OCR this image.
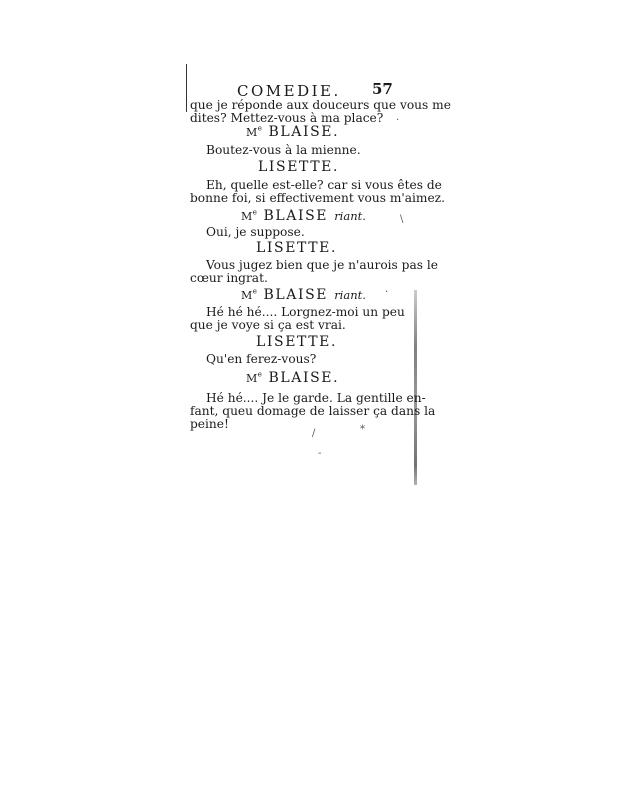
COMEDIE. 57
que je réponde aux douceurs que vous me
dites? Mettez-vous à ma place?
Me BLAISE.
Boutez-vous à la mienne.
LISETTE.
Eh, quelle est-elle? car si vous êtes de
bonne foi, si effectivement vous m'aimez.
Me BLAISE riant.
Oui, je suppose.
LISETTE.
Vous jugez bien que je n'aurois pas le
cœur ingrat.
Me BLAISE riant.
Hé hé hé.... Lorgnez-moi un peu
que je voye si ça est vrai.
LISETTE.
Qu'en ferez-vous?
Me BLAISE.
Hé hé.... Je le garde. La gentille en-
fant, queu domage de laisser ça dans la
peine!
·
\
·
*
/
-
